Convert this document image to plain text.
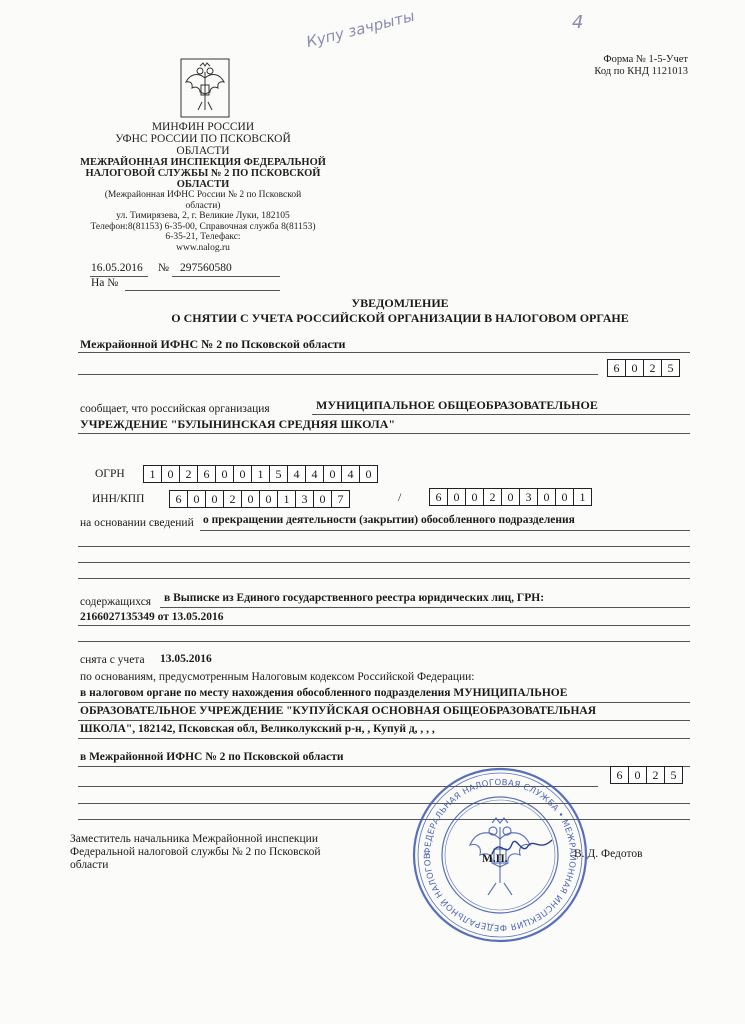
Купу зачрыты	4
Форма № 1-5-Учет
Код по КНД 1121013
МИНФИН РОССИИ
УФНС РОССИИ ПО ПСКОВСКОЙ
ОБЛАСТИ
МЕЖРАЙОННАЯ ИНСПЕКЦИЯ ФЕДЕРАЛЬНОЙ
НАЛОГОВОЙ СЛУЖБЫ № 2 ПО ПСКОВСКОЙ
ОБЛАСТИ
(Межрайонная ИФНС России № 2 по Псковской
области)
ул. Тимирязева, 2, г. Великие Луки, 182105
Телефон:8(81153) 6-35-00, Справочная служба 8(81153)
6-35-21, Телефакс:
www.nalog.ru
16.05.2016 № 297560580
На №
УВЕДОМЛЕНИЕ
О СНЯТИИ С УЧЕТА РОССИЙСКОЙ ОРГАНИЗАЦИИ В НАЛОГОВОМ ОРГАНЕ
Межрайонной ИФНС № 2 по Псковской области
6	0	2	5
сообщает, что российская организация	МУНИЦИПАЛЬНОЕ ОБЩЕОБРАЗОВАТЕЛЬНОЕ
УЧРЕЖДЕНИЕ "БУЛЫНИНСКАЯ СРЕДНЯЯ ШКОЛА"
ОГРН	1	0	2	6	0	0	1	5	4	4	0	4	0
ИНН/КПП	6	0	0	2	0	0	1	3	0	7	/	6	0	0	2	0	3	0	0	1
на основании сведений о прекращении деятельности (закрытии) обособленного подразделения
содержащихся в Выписке из Единого государственного реестра юридических лиц, ГРН:
2166027135349 от 13.05.2016
снята с учета 13.05.2016
по основаниям, предусмотренным Налоговым кодексом Российской Федерации:
в налоговом органе по месту нахождения обособленного подразделения МУНИЦИПАЛЬНОЕ
ОБРАЗОВАТЕЛЬНОЕ УЧРЕЖДЕНИЕ "КУПУЙСКАЯ ОСНОВНАЯ ОБЩЕОБРАЗОВАТЕЛЬНАЯ
ШКОЛА", 182142, Псковская обл, Великолукский р-н, , Купуй д, , , ,
в Межрайонной ИФНС № 2 по Псковской области
6	0	2	5
Заместитель начальника Межрайонной инспекции
Федеральной налоговой службы № 2 по Псковской
области
ФЕДЕРАЛЬНАЯ НАЛОГОВАЯ СЛУЖБА • МЕЖРАЙОННАЯ ИНСПЕКЦИЯ ФЕДЕРАЛЬНОЙ НАЛОГОВ	М.П.	В. Д. Федотов
